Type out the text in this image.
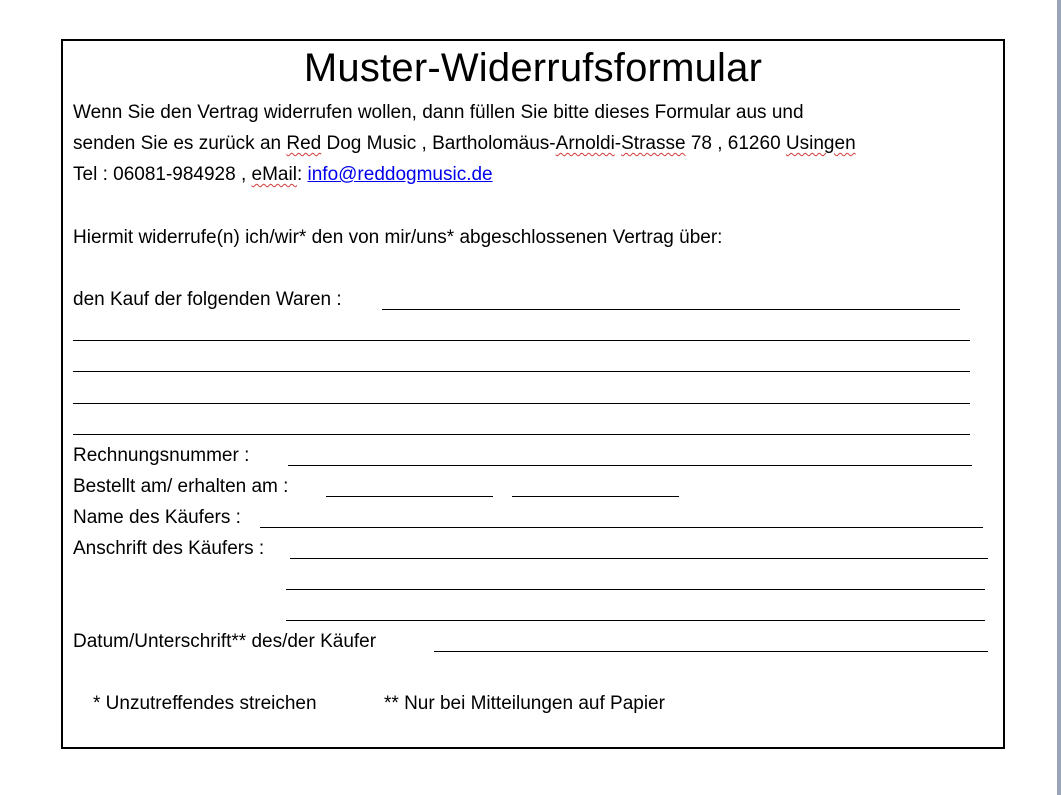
Muster-Widerrufsformular
Wenn Sie den Vertrag widerrufen wollen, dann füllen Sie bitte dieses Formular aus und
senden Sie es zurück an Red Dog Music , Bartholomäus-Arnoldi-Strasse 78 , 61260 Usingen
Tel : 06081-984928 , eMail: info@reddogmusic.de
Hiermit widerrufe(n) ich/wir* den von mir/uns* abgeschlossenen Vertrag über:
den Kauf der folgenden Waren :
Rechnungsnummer :
Bestellt am/ erhalten am :
Name des Käufers :
Anschrift des Käufers :
Datum/Unterschrift** des/der Käufer
* Unzutreffendes streichen	** Nur bei Mitteilungen auf Papier
